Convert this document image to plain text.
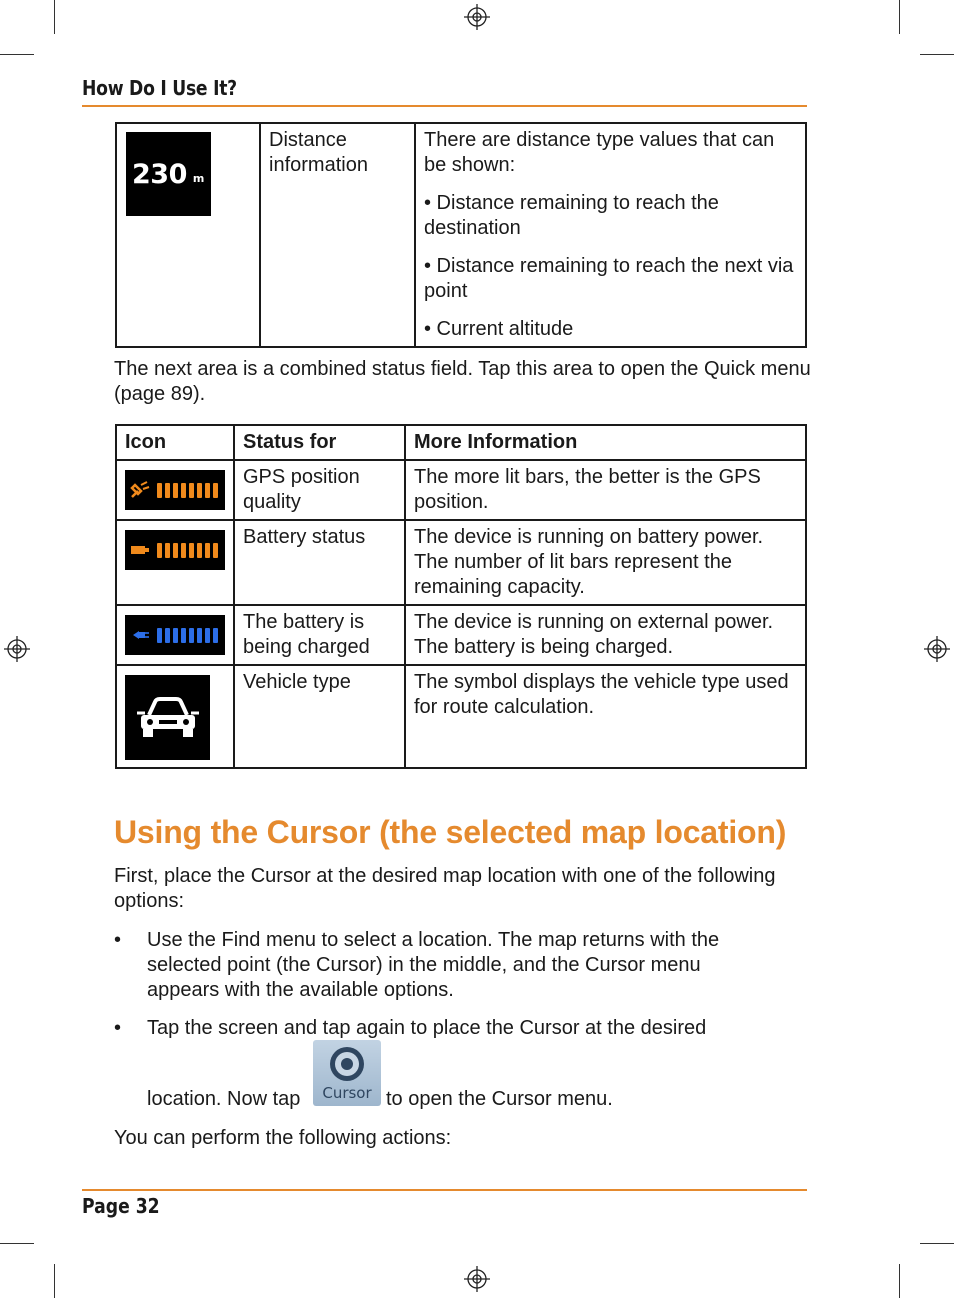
How Do I Use It?
230 m
	Distance information	

There are distance type values that can be shown:

• Distance remaining to reach the destination

• Distance remaining to reach the next via point

• Current altitude

The next area is a combined status field. Tap this area to open the Quick menu (page 89).
Icon	Status for	More Information

	GPS position quality	The more lit bars, the better is the GPS position.

	Battery status	The device is running on battery power. The number of lit bars represent the remaining capacity.

	The battery is being charged	The device is running on external power. The battery is being charged.

	Vehicle type	The symbol displays the vehicle type used for route calculation.
Using the Cursor (the selected map location)
First, place the Cursor at the desired map location with one of the following options:
• Use the Find menu to select a location. The map returns with the selected point (the Cursor) in the middle, and the Cursor menu appears with the available options.
• Tap the screen and tap again to place the Cursor at the desired
location. Now tap	to open the Cursor menu.
Cursor
You can perform the following actions:
Page 32
